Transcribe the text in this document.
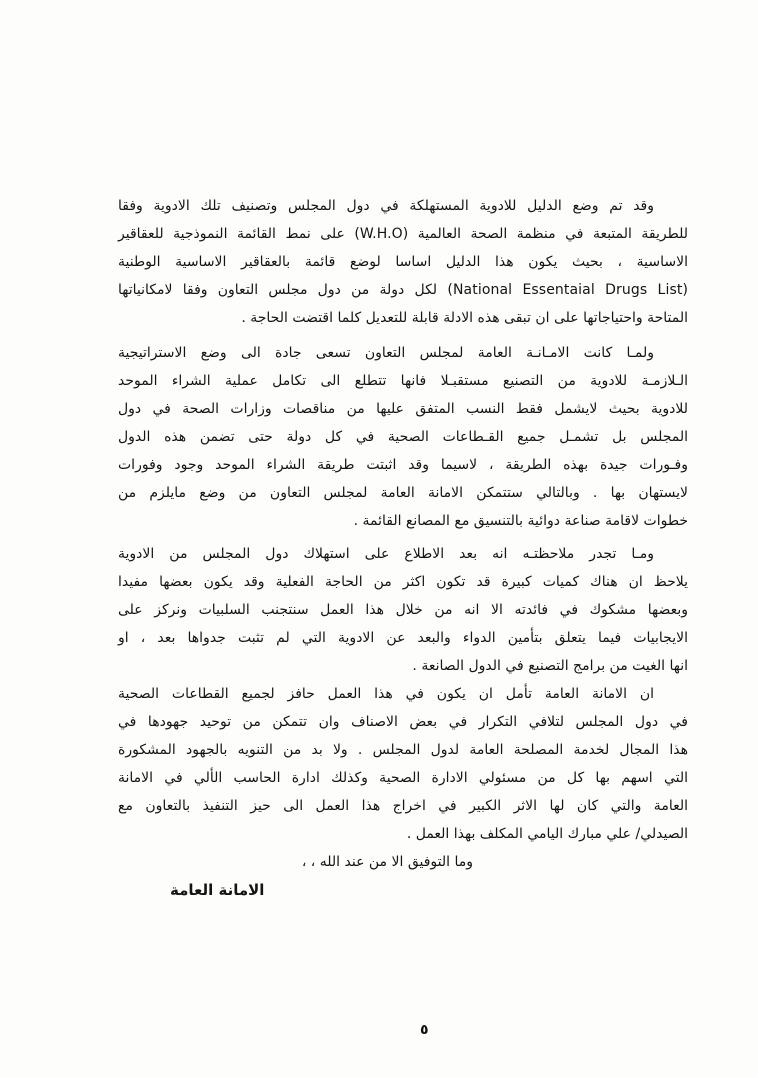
وقد تم وضع الدليل للادوية المستهلكة في دول المجلس وتصنيف تلك الادوية وفقا
للطريقة المتبعة في منظمة الصحة العالمية (W.H.O) على نمط القائمة النموذجية للعقاقير
الاساسية ، بحيث يكون هذا الدليل اساسا لوضع قائمة بالعقاقير الاساسية الوطنية
(National Essentaial Drugs List) لكل دولة من دول مجلس التعاون وفقا لامكانياتها
المتاحة واحتياجاتها على ان تبقى هذه الادلة قابلة للتعديل كلما اقتضت الحاجة .
ولمـا كانت الامـانـة العامة لمجلس التعاون تسعى جادة الى وضع الاستراتيجية
الـلازمـة للادوية من التصنيع مستقبـلا فانها تتطلع الى تكامل عملية الشراء الموحد
للادوية بحيث لايشمل فقط النسب المتفق عليها من مناقصات وزارات الصحة في دول
المجلس بل تشمـل جميع القـطاعات الصحية في كل دولة حتى تضمن هذه الدول
وفـورات جيدة بهذه الطريقة ، لاسيما وقد اثبتت طريقة الشراء الموحد وجود وفورات
لايستهان بها . وبالتالي ستتمكن الامانة العامة لمجلس التعاون من وضع مايلزم من
خطوات لاقامة صناعة دوائية بالتنسيق مع المصانع القائمة .
ومـا تجدر ملاحظتـه انه بعد الاطلاع على استهلاك دول المجلس من الادوية
يلاحظ ان هناك كميات كبيرة قد تكون اكثر من الحاجة الفعلية وقد يكون بعضها مفيدا
وبعضها مشكوك في فائدته الا انه من خلال هذا العمل سنتجنب السلبيات ونركز على
الايجابيات فيما يتعلق بتأمين الدواء والبعد عن الادوية التي لم تثبت جدواها بعد ، او
انها الغيت من برامج التصنيع في الدول الصانعة .
ان الامانة العامة تأمل ان يكون في هذا العمل حافز لجميع القطاعات الصحية
في دول المجلس لتلافي التكرار في بعض الاصناف وان تتمكن من توحيد جهودها في
هذا المجال لخدمة المصلحة العامة لدول المجلس . ولا بد من التنويه بالجهود المشكورة
التي اسهم بها كل من مسئولي الادارة الصحية وكذلك ادارة الحاسب الألي في الامانة
العامة والتي كان لها الاثر الكبير في اخراج هذا العمل الى حيز التنفيذ بالتعاون مع
الصيدلي/ علي مبارك اليامي المكلف بهذا العمل .
وما التوفيق الا من عند الله ، ،
الامانة العامة
٥
